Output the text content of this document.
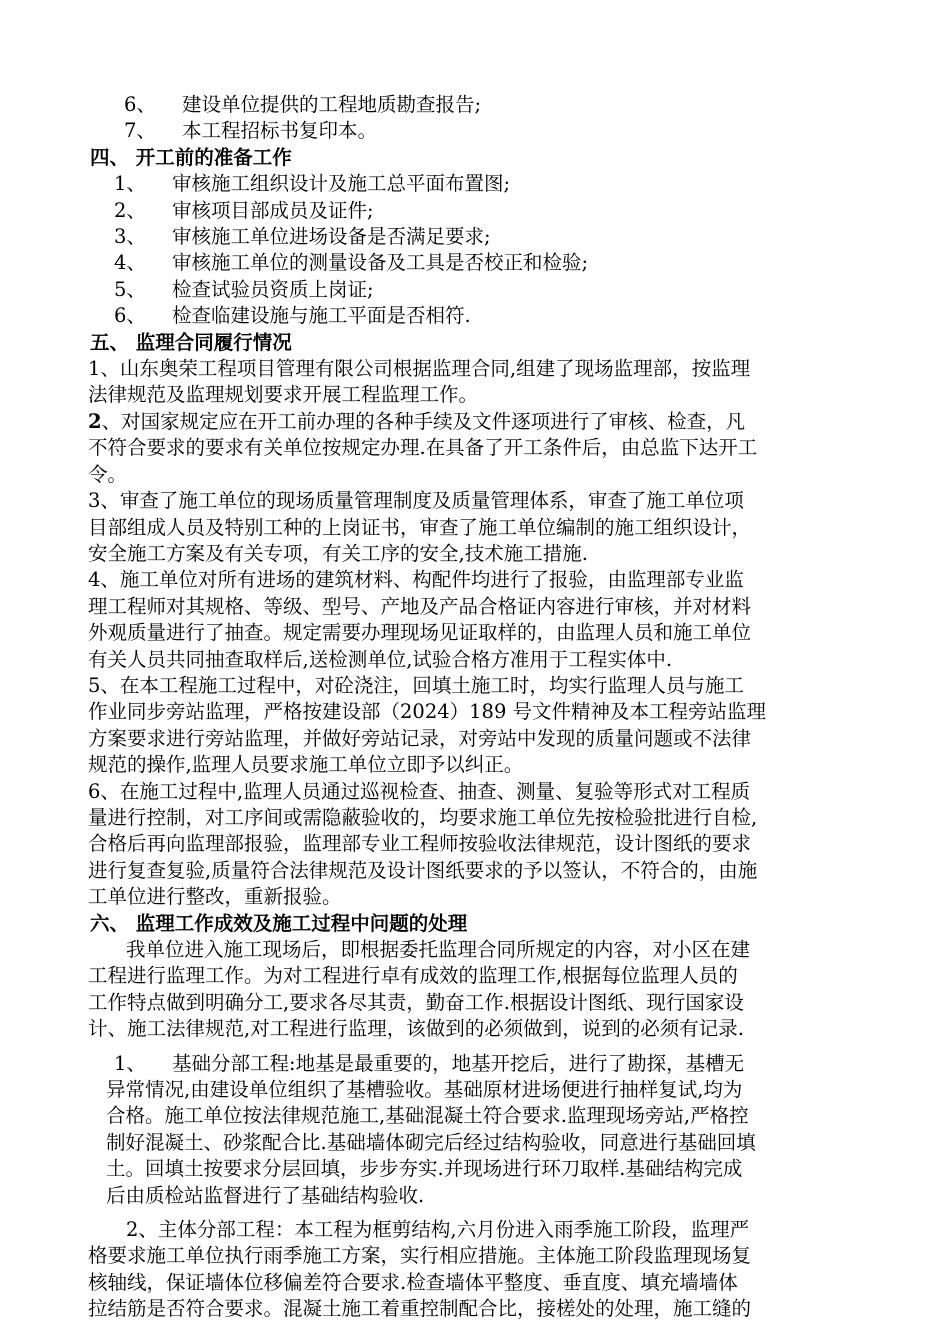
6、 建设单位提供的工程地质勘查报告;
7、 本工程招标书复印本。
四、 开工前的准备工作
1、 审核施工组织设计及施工总平面布置图;
2、 审核项目部成员及证件;
3、 审核施工单位进场设备是否满足要求;
4、 审核施工单位的测量设备及工具是否校正和检验;
5、 检查试验员资质上岗证;
6、 检查临建设施与施工平面是否相符.
五、 监理合同履行情况
1、山东奥荣工程项目管理有限公司根据监理合同,组建了现场监理部，按监理
法律规范及监理规划要求开展工程监理工作。
2、对国家规定应在开工前办理的各种手续及文件逐项进行了审核、检查，凡
不符合要求的要求有关单位按规定办理.在具备了开工条件后，由总监下达开工
令。
3、审查了施工单位的现场质量管理制度及质量管理体系，审查了施工单位项
目部组成人员及特别工种的上岗证书，审查了施工单位编制的施工组织设计，
安全施工方案及有关专项，有关工序的安全,技术施工措施.
4、施工单位对所有进场的建筑材料、构配件均进行了报验，由监理部专业监
理工程师对其规格、等级、型号、产地及产品合格证内容进行审核，并对材料
外观质量进行了抽查。规定需要办理现场见证取样的，由监理人员和施工单位
有关人员共同抽查取样后,送检测单位,试验合格方准用于工程实体中.
5、在本工程施工过程中，对砼浇注，回填土施工时，均实行监理人员与施工
作业同步旁站监理，严格按建设部（2024）189 号文件精神及本工程旁站监理
方案要求进行旁站监理，并做好旁站记录，对旁站中发现的质量问题或不法律
规范的操作,监理人员要求施工单位立即予以纠正。
6、在施工过程中,监理人员通过巡视检查、抽查、测量、复验等形式对工程质
量进行控制，对工序间或需隐蔽验收的，均要求施工单位先按检验批进行自检,
合格后再向监理部报验，监理部专业工程师按验收法律规范，设计图纸的要求
进行复查复验,质量符合法律规范及设计图纸要求的予以签认，不符合的，由施
工单位进行整改，重新报验。
六、 监理工作成效及施工过程中问题的处理
我单位进入施工现场后，即根据委托监理合同所规定的内容，对小区在建
工程进行监理工作。为对工程进行卓有成效的监理工作,根据每位监理人员的
工作特点做到明确分工,要求各尽其责，勤奋工作.根据设计图纸、现行国家设
计、施工法律规范,对工程进行监理，该做到的必须做到，说到的必须有记录.
1、 基础分部工程:地基是最重要的，地基开挖后，进行了勘探，基槽无
异常情况,由建设单位组织了基槽验收。基础原材进场便进行抽样复试,均为
合格。施工单位按法律规范施工,基础混凝土符合要求.监理现场旁站,严格控
制好混凝土、砂浆配合比.基础墙体砌完后经过结构验收，同意进行基础回填
土。回填土按要求分层回填，步步夯实.并现场进行环刀取样.基础结构完成
后由质检站监督进行了基础结构验收.
2、主体分部工程：本工程为框剪结构,六月份进入雨季施工阶段，监理严
格要求施工单位执行雨季施工方案，实行相应措施。主体施工阶段监理现场复
核轴线，保证墙体位移偏差符合要求.检查墙体平整度、垂直度、填充墙墙体
拉结筋是否符合要求。混凝土施工着重控制配合比，接槎处的处理，施工缝的
